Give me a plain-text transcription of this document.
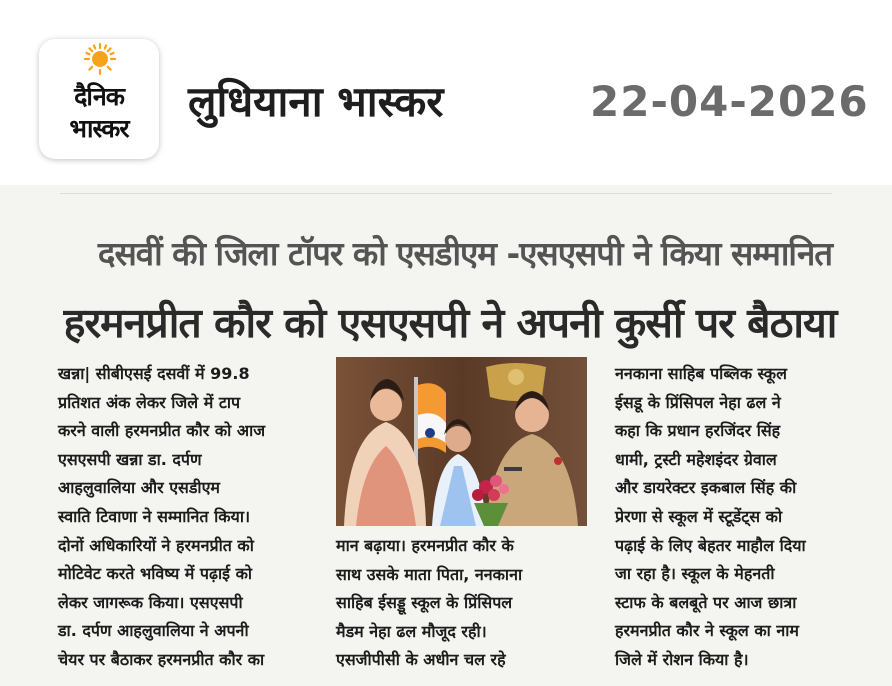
दैनिक
भास्कर
लुधियाना भास्कर	22-04-2026
दसवीं की जिला टॉपर को एसडीएम -एसएसपी ने किया सम्मानित
हरमनप्रीत कौर को एसएसपी ने अपनी कुर्सी पर बैठाया

खन्ना| सीबीएसई दसवीं में 99.8

प्रतिशत अंक लेकर जिले में टाप

करने वाली हरमनप्रीत कौर को आज

एसएसपी खन्ना डा. दर्पण

आहलुवालिया और एसडीएम

स्वाति टिवाणा ने सम्मानित किया।

दोनों अधिकारियों ने हरमनप्रीत को

मोटिवेट करते भविष्य में पढ़ाई को

लेकर जागरूक किया। एसएसपी

डा. दर्पण आहलुवालिया ने अपनी

चेयर पर बैठाकर हरमनप्रीत कौर का

मान बढ़ाया। हरमनप्रीत कौर के

साथ उसके माता पिता, ननकाना

साहिब ईसड्डू स्कूल के प्रिंसिपल

मैडम नेहा ढल मौजूद रही।

एसजीपीसी के अधीन चल रहे

ननकाना साहिब पब्लिक स्कूल

ईसडू के प्रिंसिपल नेहा ढल ने

कहा कि प्रधान हरजिंदर सिंह

धामी, ट्रस्टी महेशइंदर ग्रेवाल

और डायरेक्टर इकबाल सिंह की

प्रेरणा से स्कूल में स्टूडेंट्स को

पढ़ाई के लिए बेहतर माहौल दिया

जा रहा है। स्कूल के मेहनती

स्टाफ के बलबूते पर आज छात्रा

हरमनप्रीत कौर ने स्कूल का नाम

जिले में रोशन किया है।
